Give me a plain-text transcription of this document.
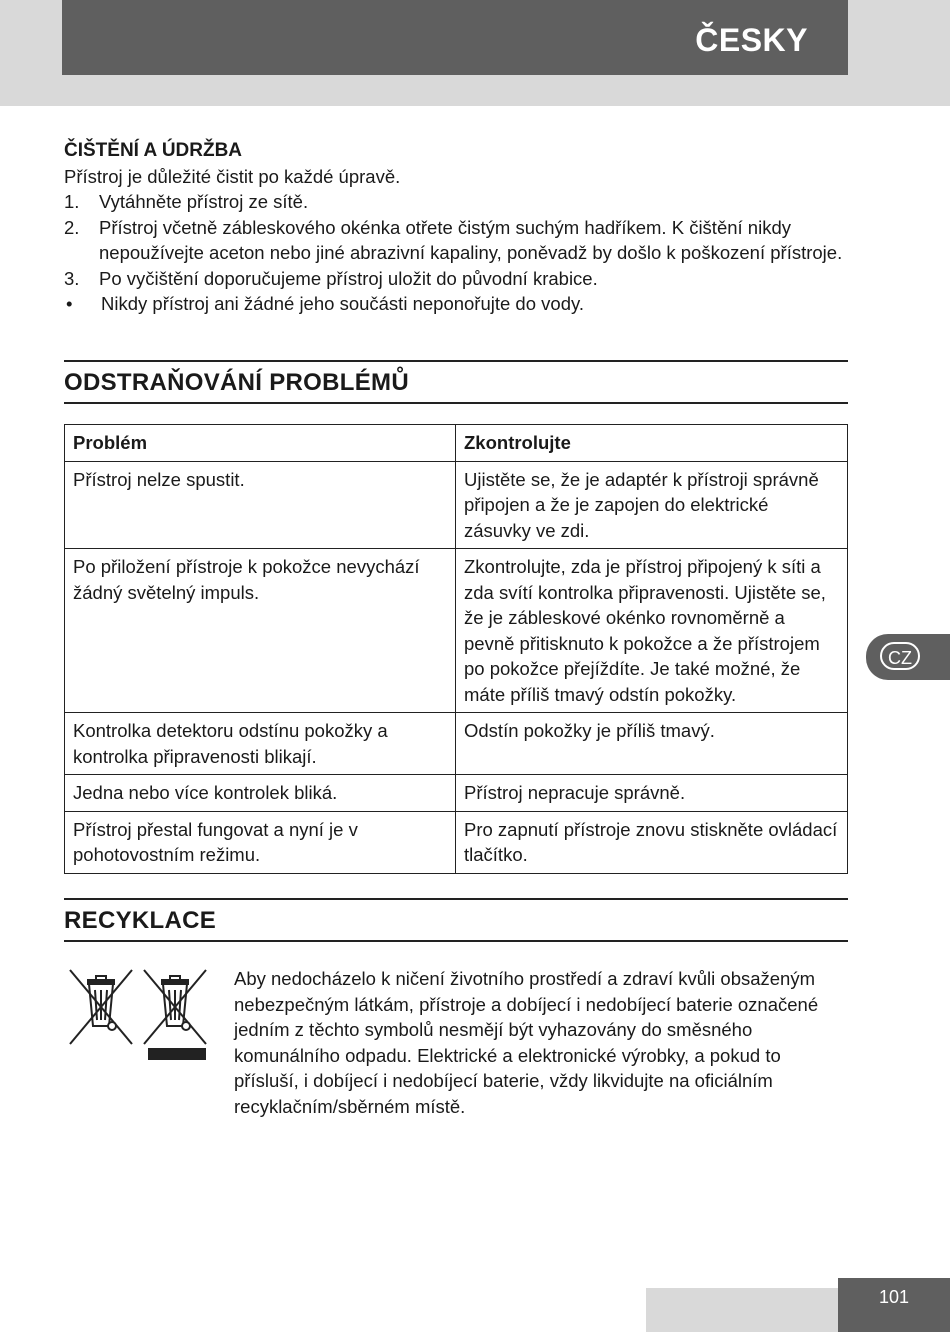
ČESKY

ČIŠTĚNÍ A ÚDRŽBA

Přístroj je důležité čistit po každé úpravě.

1.	Vytáhněte přístroj ze sítě.
2.	Přístroj včetně zábleskového okénka otřete čistým suchým hadříkem. K čištění nikdy nepoužívejte aceton nebo jiné abrazivní kapaliny, poněvadž by došlo k poškození přístroje.
3.	Po vyčištění doporučujeme přístroj uložit do původní krabice.
•	Nikdy přístroj ani žádné jeho součásti neponořujte do vody.
ODSTRAŇOVÁNÍ PROBLÉMŮ
Problém	Zkontrolujte
Přístroj nelze spustit.	Ujistěte se, že je adaptér k přístroji správně připojen a že je zapojen do elektrické zásuvky ve zdi.
Po přiložení přístroje k pokožce nevychází žádný světelný impuls.	Zkontrolujte, zda je přístroj připojený k síti a zda svítí kontrolka připravenosti. Ujistěte se, že je zábleskové okénko rovnoměrně a pevně přitisknuto k pokožce a že přístrojem po pokožce přejíždíte. Je také možné, že máte příliš tmavý odstín pokožky.
Kontrolka detektoru odstínu pokožky a kontrolka připravenosti blikají.	Odstín pokožky je příliš tmavý.
Jedna nebo více kontrolek bliká.	Přístroj nepracuje správně.
Přístroj přestal fungovat a nyní je v pohotovostním režimu.	Pro zapnutí přístroje znovu stiskněte ovládací tlačítko.
RECYKLACE

Aby nedocházelo k ničení životního prostředí a zdraví kvůli obsaženým nebezpečným látkám, přístroje a dobíjecí i nedobíjecí baterie označené jedním z těchto symbolů nesmějí být vyhazovány do směsného komunálního odpadu. Elektrické a elektronické výrobky, a pokud to přísluší, i dobíjecí i nedobíjecí baterie, vždy likvidujte na oficiálním recyklačním/sběrném místě.

CZ
101
